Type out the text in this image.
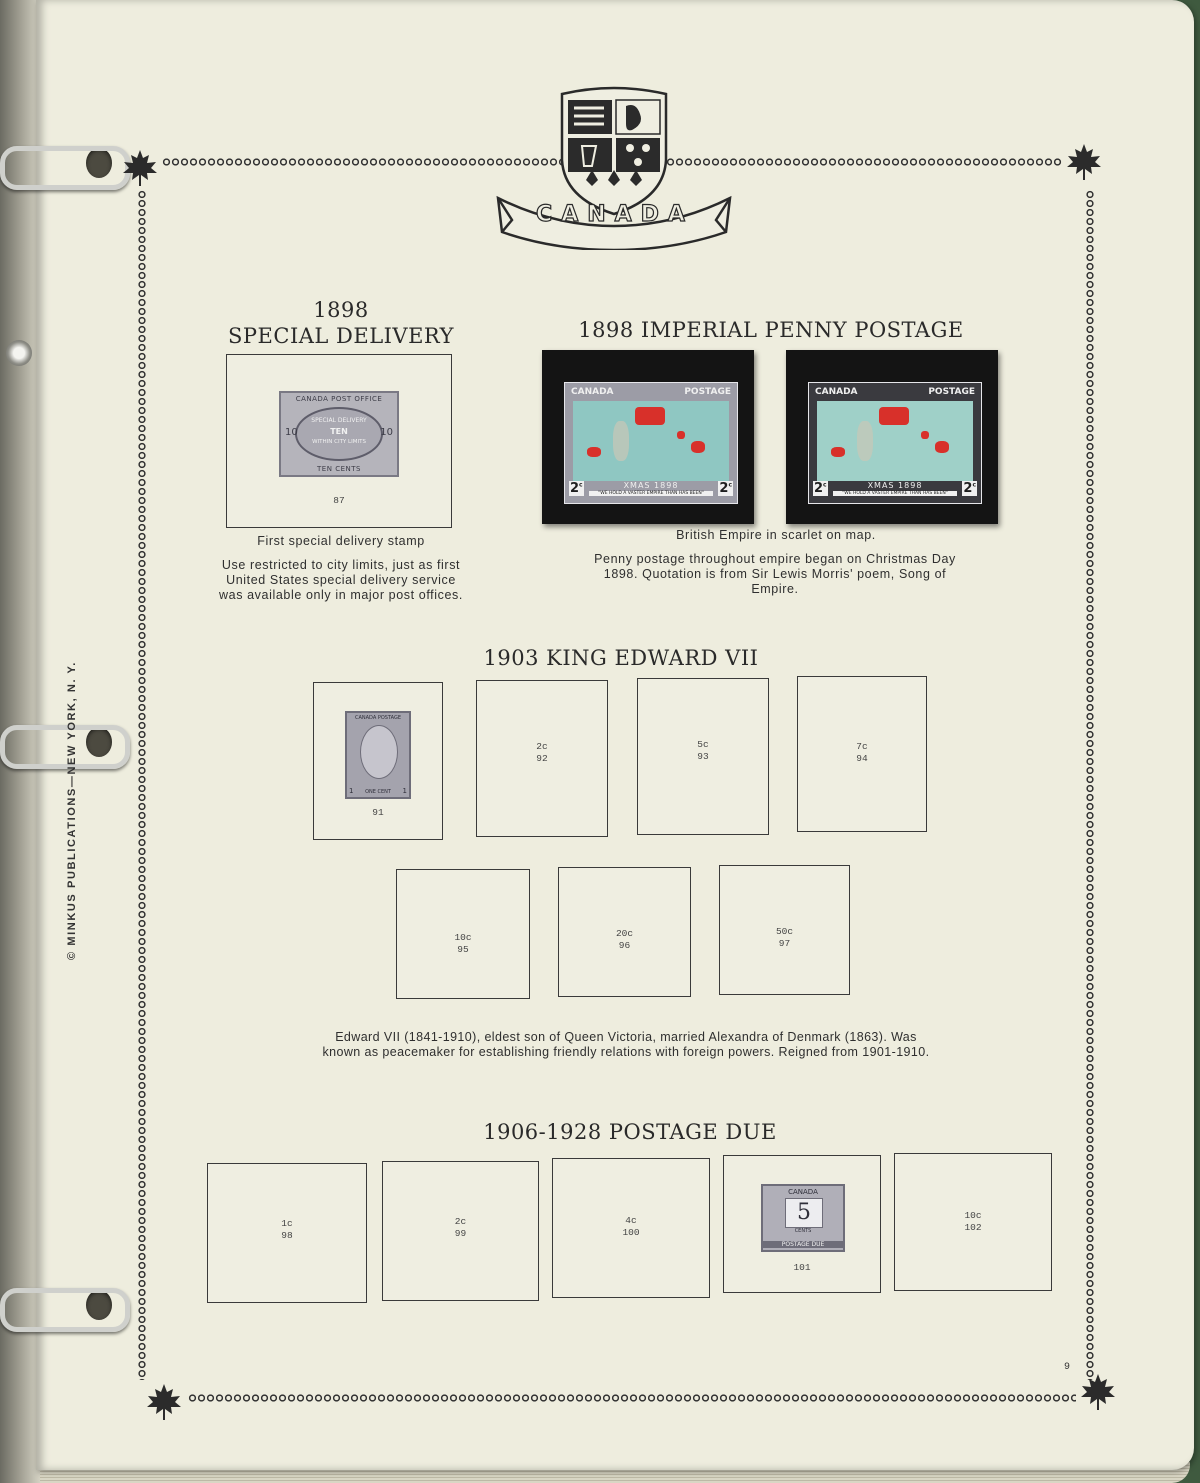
© MINKUS PUBLICATIONS—NEW YORK, N. Y.
CANADA
1898
SPECIAL DELIVERY
CANADA POST OFFICE
10	10
SPECIAL DELIVERY
TEN
WITHIN CITY LIMITS
TEN CENTS
87
First special delivery stamp
Use restricted to city limits, just as first
United States special delivery service
was available only in major post offices.
1898 IMPERIAL PENNY POSTAGE
CANADA	POSTAGE
XMAS 1898
"WE HOLD A VASTER EMPIRE THAN HAS BEEN"
2$^c$	2$^c$
CANADA	POSTAGE
XMAS 1898
"WE HOLD A VASTER EMPIRE THAN HAS BEEN"
2$^c$	2$^c$
British Empire in scarlet on map.
Penny postage throughout empire began on Christmas Day
1898. Quotation is from Sir Lewis Morris' poem, Song of
Empire.
1903 KING EDWARD VII
CANADA POSTAGE
1	1
ONE CENT
91
2c
92
5c
93
7c
94
10c
95
20c
96
50c
97
Edward VII (1841-1910), eldest son of Queen Victoria, married Alexandra of Denmark (1863). Was
known as peacemaker for establishing friendly relations with foreign powers. Reigned from 1901-1910.
1906-1928 POSTAGE DUE
1c
98
2c
99
4c
100
CANADA
5
CENTS
POSTAGE DUE
101
10c
102
9
